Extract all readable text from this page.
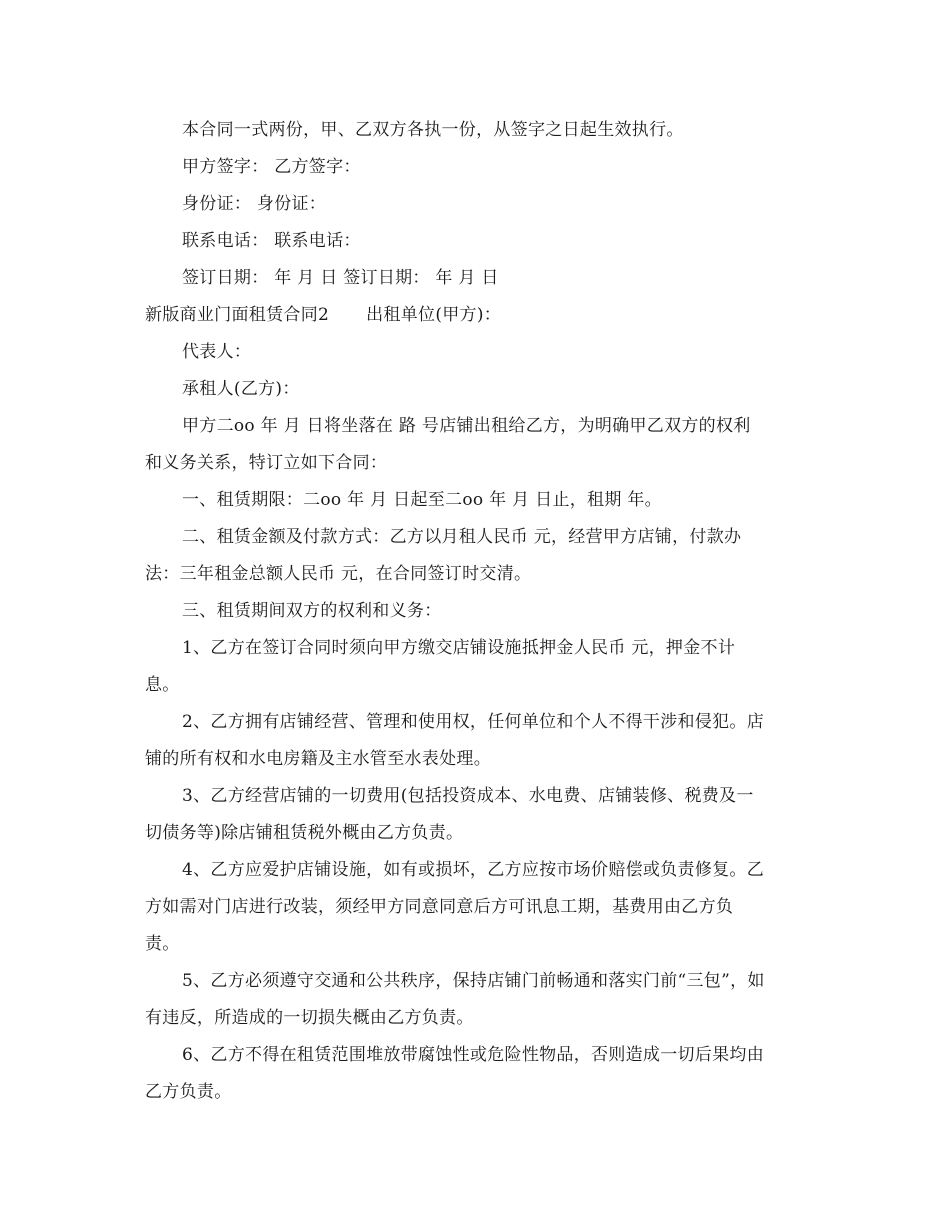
本合同一式两份，甲、乙双方各执一份，从签字之日起生效执行。
甲方签字： 乙方签字：
身份证： 身份证：
联系电话： 联系电话：
签订日期： 年 月 日 签订日期： 年 月 日
新版商业门面租赁合同2 出租单位(甲方)：
代表人：
承租人(乙方)：
甲方二oo 年 月 日将坐落在 路 号店铺出租给乙方，为明确甲乙双方的权利
和义务关系，特订立如下合同：
一、租赁期限：二oo 年 月 日起至二oo 年 月 日止，租期 年。
二、租赁金额及付款方式：乙方以月租人民币 元，经营甲方店铺，付款办
法：三年租金总额人民币 元，在合同签订时交清。
三、租赁期间双方的权利和义务：
1、乙方在签订合同时须向甲方缴交店铺设施抵押金人民币 元，押金不计
息。
2、乙方拥有店铺经营、管理和使用权，任何单位和个人不得干涉和侵犯。店
铺的所有权和水电房籍及主水管至水表处理。
3、乙方经营店铺的一切费用(包括投资成本、水电费、店铺装修、税费及一
切债务等)除店铺租赁税外概由乙方负责。
4、乙方应爱护店铺设施，如有或损坏，乙方应按市场价赔偿或负责修复。乙
方如需对门店进行改装，须经甲方同意同意后方可讯息工期，基费用由乙方负
责。
5、乙方必须遵守交通和公共秩序，保持店铺门前畅通和落实门前“三包”，如
有违反，所造成的一切损失概由乙方负责。
6、乙方不得在租赁范围堆放带腐蚀性或危险性物品，否则造成一切后果均由
乙方负责。
